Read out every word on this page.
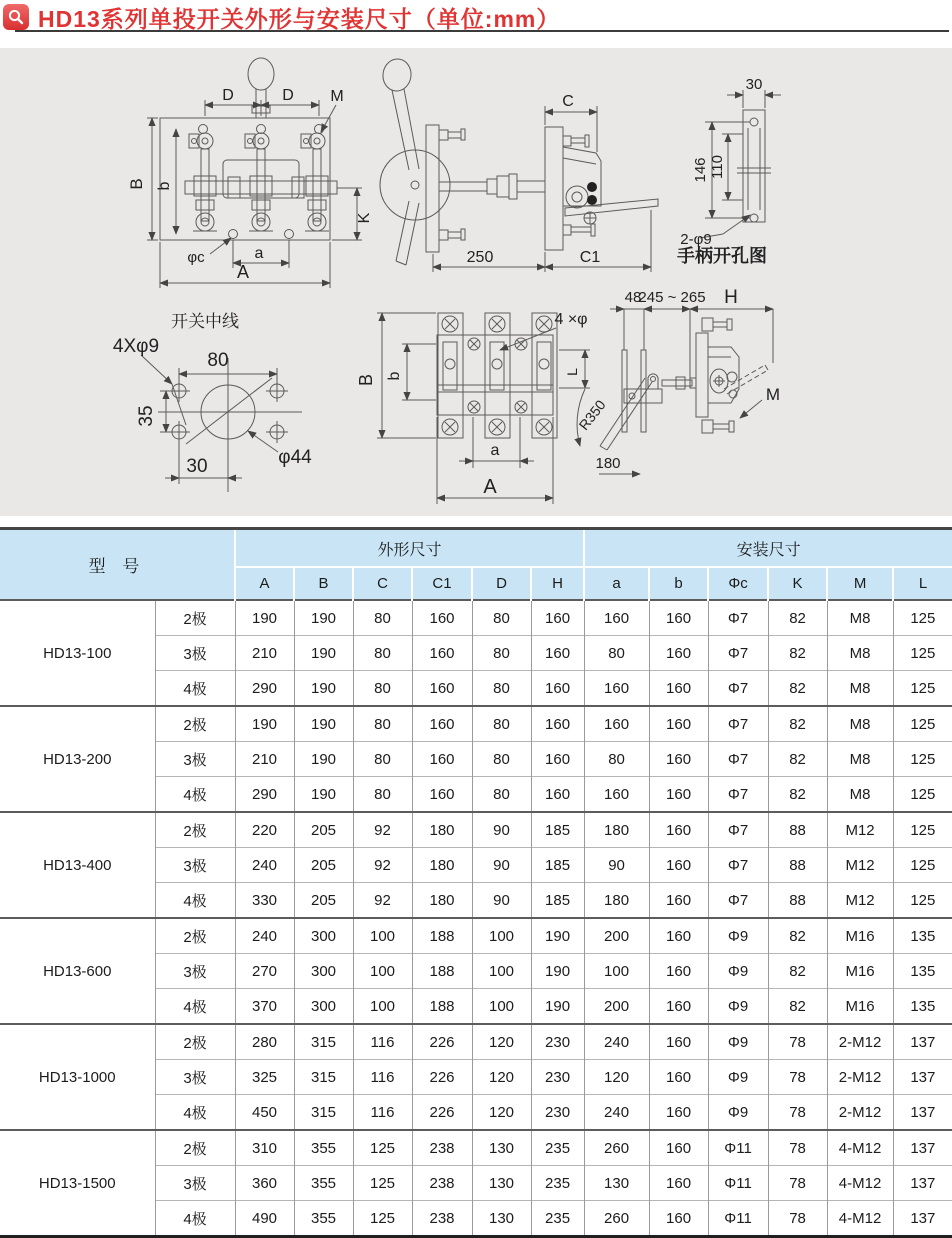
HD13系列单投开关外形与安装尺寸（单位:mm）
D	D M
B b
K
φc	a
A
C
250	C1
30
146 110
2-φ9
手柄开孔图
4Xφ9
80
35
30	φ44
开关中线
B b
4 ×φ
L
a
A
R350
180
48
245 ~ 265 H
M
型 号		外形尺寸						安装尺寸					
		A	B	C	C1	D	H	a	b	Φc	K	M	L
HD13-100	2极	190	190	80	160	80	160	160	160	Φ7	82	M8	125
	3极	210	190	80	160	80	160	80	160	Φ7	82	M8	125
	4极	290	190	80	160	80	160	160	160	Φ7	82	M8	125
HD13-200	2极	190	190	80	160	80	160	160	160	Φ7	82	M8	125
	3极	210	190	80	160	80	160	80	160	Φ7	82	M8	125
	4极	290	190	80	160	80	160	160	160	Φ7	82	M8	125
HD13-400	2极	220	205	92	180	90	185	180	160	Φ7	88	M12	125
	3极	240	205	92	180	90	185	90	160	Φ7	88	M12	125
	4极	330	205	92	180	90	185	180	160	Φ7	88	M12	125
HD13-600	2极	240	300	100	188	100	190	200	160	Φ9	82	M16	135
	3极	270	300	100	188	100	190	100	160	Φ9	82	M16	135
	4极	370	300	100	188	100	190	200	160	Φ9	82	M16	135
HD13-1000	2极	280	315	116	226	120	230	240	160	Φ9	78	2-M12	137
	3极	325	315	116	226	120	230	120	160	Φ9	78	2-M12	137
	4极	450	315	116	226	120	230	240	160	Φ9	78	2-M12	137
HD13-1500	2极	310	355	125	238	130	235	260	160	Φ11	78	4-M12	137
	3极	360	355	125	238	130	235	130	160	Φ11	78	4-M12	137
	4极	490	355	125	238	130	235	260	160	Φ11	78	4-M12	137
